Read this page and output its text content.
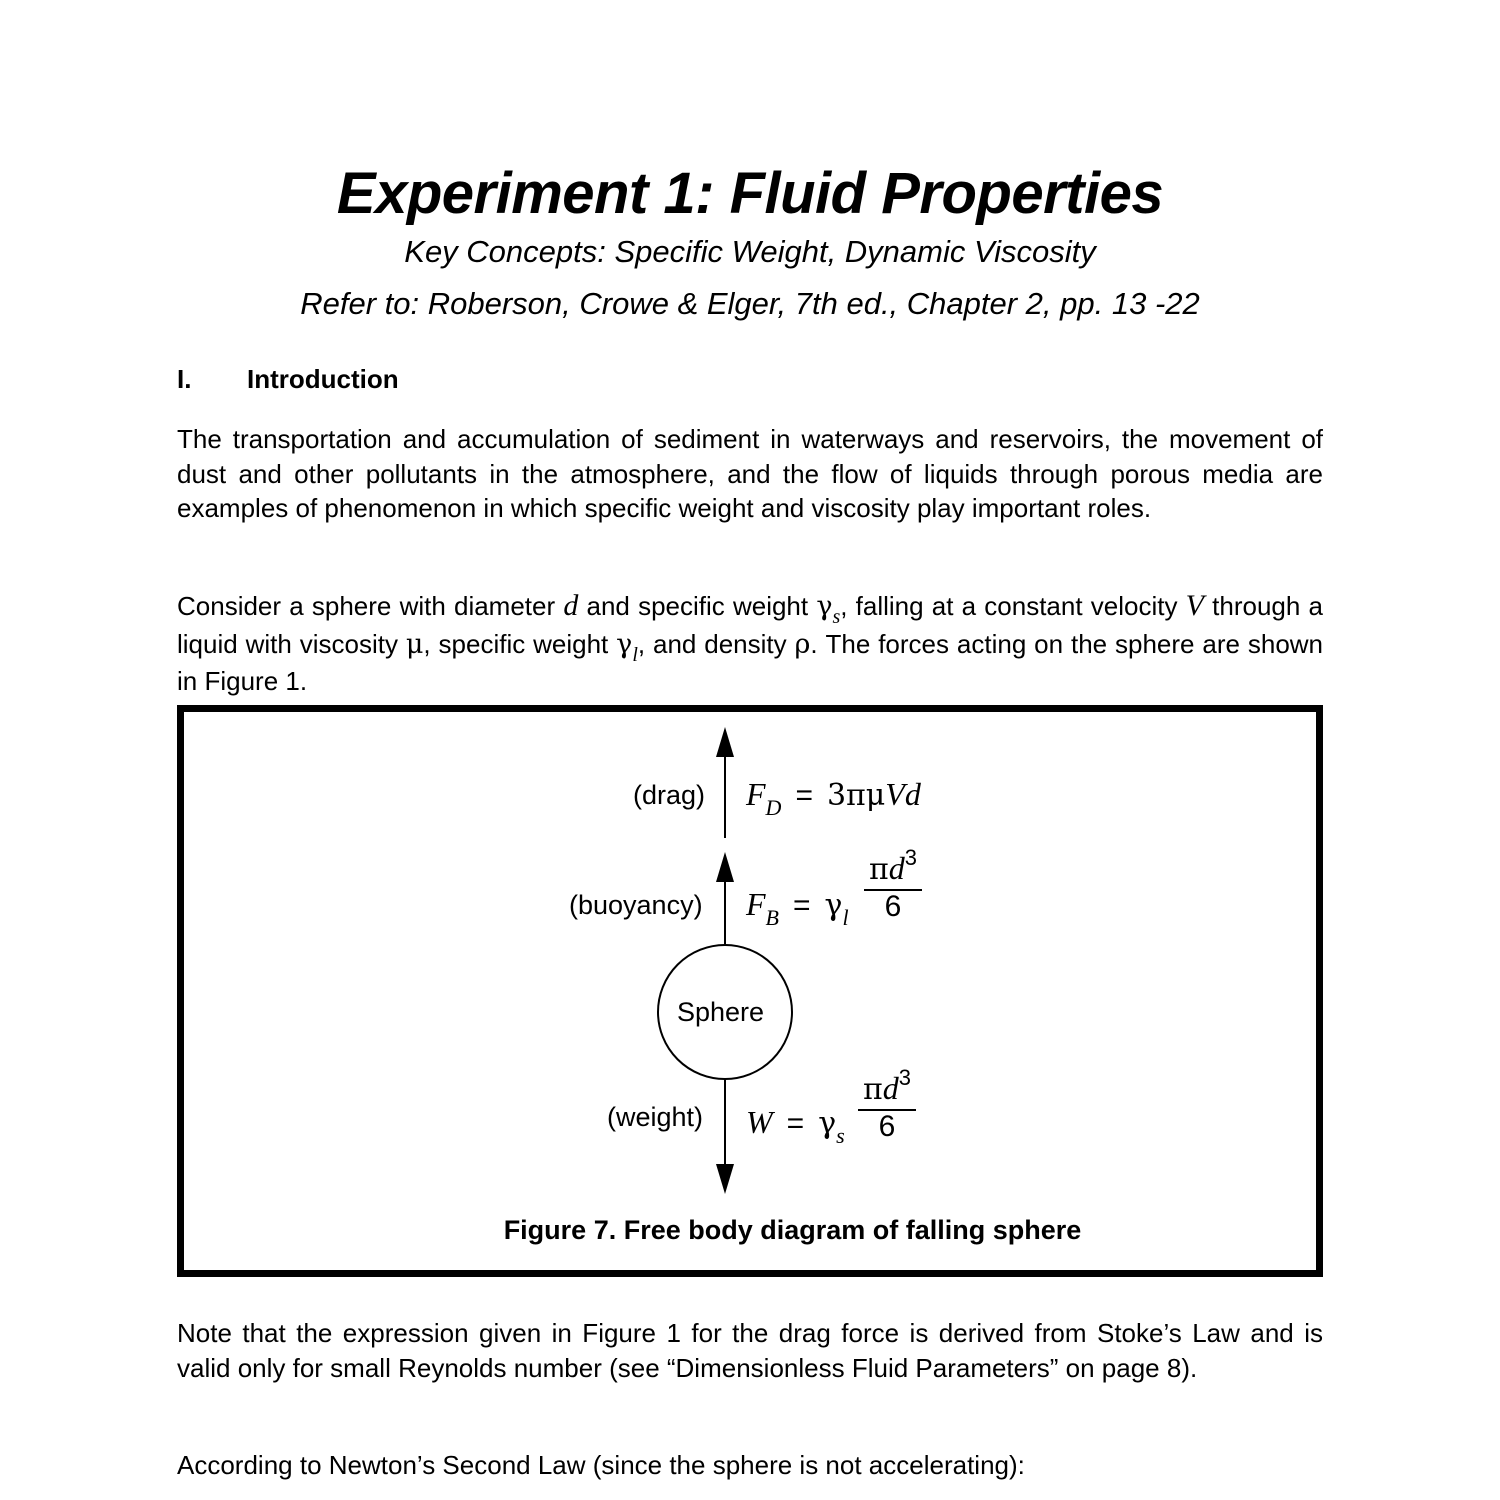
Experiment 1: Fluid Properties
Key Concepts: Specific Weight, Dynamic Viscosity
Refer to: Roberson, Crowe & Elger, 7th ed., Chapter 2, pp. 13 -22
I. Introduction
The transportation and accumulation of sediment in waterways and reservoirs, the movement of dust and other pollutants in the atmosphere, and the flow of liquids through porous media are examples of phenomenon in which specific weight and viscosity play important roles.
Consider a sphere with diameter d and specific weight $\gamma_s$, falling at a constant velocity V through a liquid with viscosity μ, specific weight $\gamma_l$, and density ρ. The forces acting on the sphere are shown in Figure 1.
(drag) $F_D = 3\pi\mu Vd$
(buoyancy) $F_B = \gamma_l$
$\pi d^3$
6
Sphere
(weight) $W = \gamma_s$
$\pi d^3$
6
Figure 7. Free body diagram of falling sphere
Note that the expression given in Figure 1 for the drag force is derived from Stoke’s Law and is valid only for small Reynolds number (see “Dimensionless Fluid Parameters” on page 8).
According to Newton’s Second Law (since the sphere is not accelerating):
